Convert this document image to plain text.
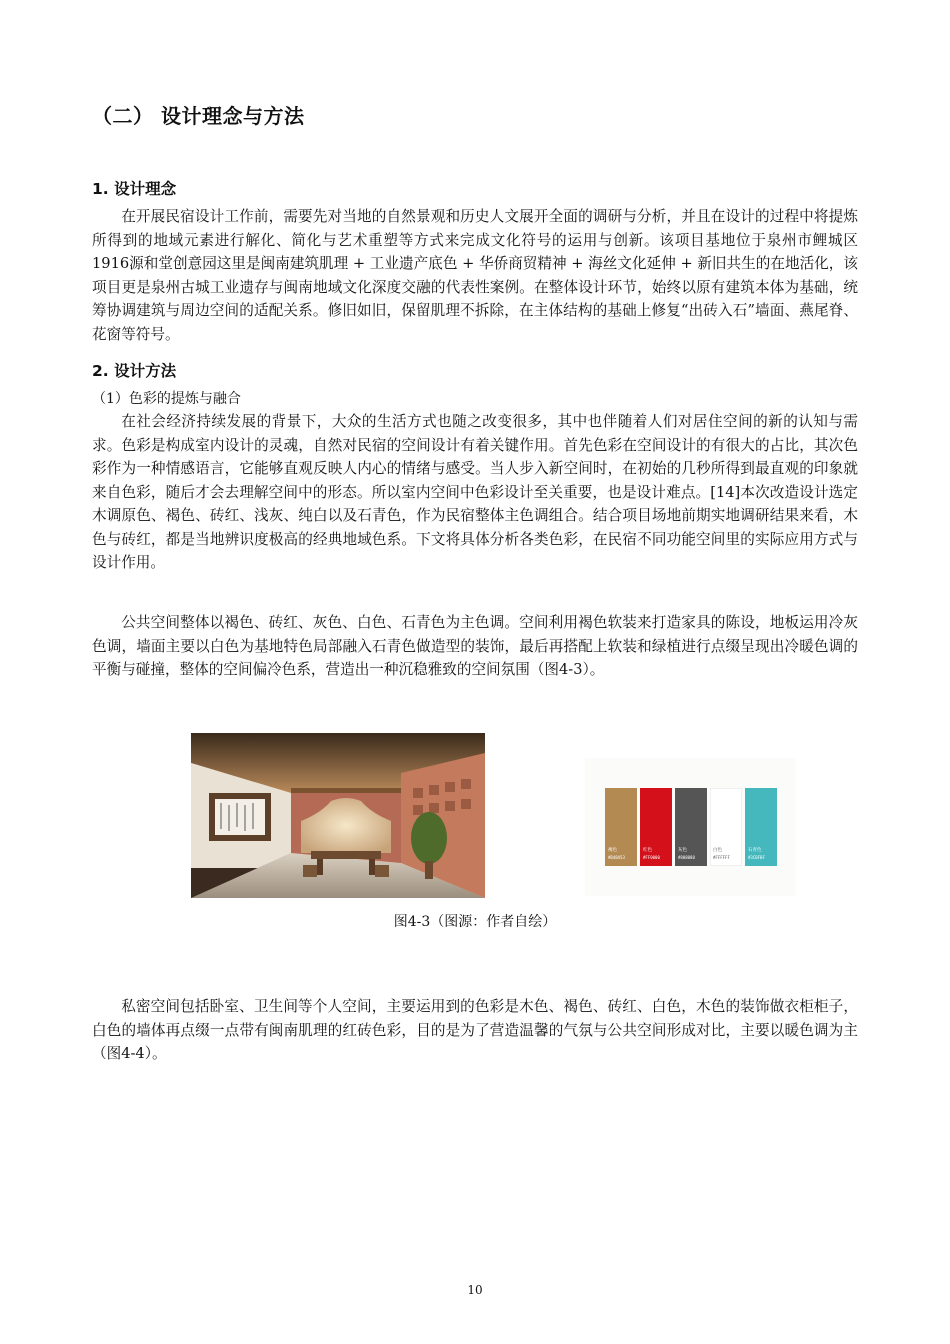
（二） 设计理念与方法
1. 设计理念

在开展民宿设计工作前，需要先对当地的自然景观和历史人文展开全面的调研与分析，并且在设计的过程中将提炼所得到的地域元素进行解化、简化与艺术重塑等方式来完成文化符号的运用与创新。该项目基地位于泉州市鲤城区1916源和堂创意园这里是闽南建筑肌理 + 工业遗产底色 + 华侨商贸精神 + 海丝文化延伸 + 新旧共生的在地活化，该项目更是泉州古城工业遗存与闽南地域文化深度交融的代表性案例。在整体设计环节，始终以原有建筑本体为基础，统筹协调建筑与周边空间的适配关系。修旧如旧，保留肌理不拆除，在主体结构的基础上修复“出砖入石”墙面、燕尾脊、花窗等符号。

2. 设计方法
（1）色彩的提炼与融合

在社会经济持续发展的背景下，大众的生活方式也随之改变很多，其中也伴随着人们对居住空间的新的认知与需求。色彩是构成室内设计的灵魂，自然对民宿的空间设计有着关键作用。首先色彩在空间设计的有很大的占比，其次色彩作为一种情感语言，它能够直观反映人内心的情绪与感受。当人步入新空间时，在初始的几秒所得到最直观的印象就来自色彩，随后才会去理解空间中的形态。所以室内空间中色彩设计至关重要，也是设计难点。[14]本次改造设计选定木调原色、褐色、砖红、浅灰、纯白以及石青色，作为民宿整体主色调组合。结合项目场地前期实地调研结果来看，木色与砖红，都是当地辨识度极高的经典地域色系。下文将具体分析各类色彩，在民宿不同功能空间里的实际应用方式与设计作用。

公共空间整体以褐色、砖红、灰色、白色、石青色为主色调。空间利用褐色软装来打造家具的陈设，地板运用冷灰色调，墙面主要以白色为基地特色局部融入石青色做造型的装饰，最后再搭配上软装和绿植进行点缀呈现出冷暖色调的平衡与碰撞，整体的空间偏冷色系，营造出一种沉稳雅致的空间氛围（图4-3）。

褐色
#B48A53
红色
#FF0000
灰色
#808080
白色
#FFFFFF
石青色
#3CBFBF
图4-3（图源：作者自绘）

私密空间包括卧室、卫生间等个人空间，主要运用到的色彩是木色、褐色、砖红、白色，木色的装饰做衣柜柜子，白色的墙体再点缀一点带有闽南肌理的红砖色彩，目的是为了营造温馨的气氛与公共空间形成对比，主要以暖色调为主（图4-4）。

10
